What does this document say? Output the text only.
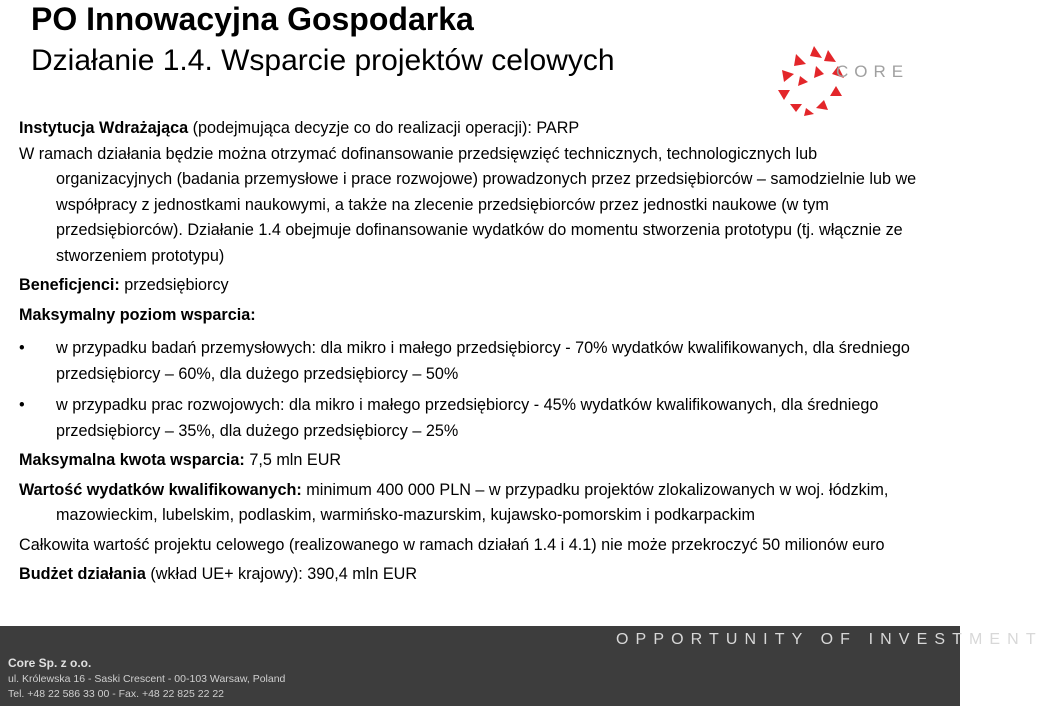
PO Innowacyjna Gospodarka
Działanie 1.4. Wsparcie projektów celowych	CORE

Instytucja Wdrażająca (podejmująca decyzje co do realizacji operacji): PARP

W ramach działania będzie można otrzymać dofinansowanie przedsięwzięć technicznych, technologicznych lub organizacyjnych (badania przemysłowe i prace rozwojowe) prowadzonych przez przedsiębiorców – samodzielnie lub we współpracy z jednostkami naukowymi, a także na zlecenie przedsiębiorców przez jednostki naukowe (w tym przedsiębiorców). Działanie 1.4 obejmuje dofinansowanie wydatków do momentu stworzenia prototypu (tj. włącznie ze stworzeniem prototypu)

Beneficjenci: przedsiębiorcy

Maksymalny poziom wsparcia:

• w przypadku badań przemysłowych: dla mikro i małego przedsiębiorcy - 70% wydatków kwalifikowanych, dla średniego przedsiębiorcy – 60%, dla dużego przedsiębiorcy – 50%
• w przypadku prac rozwojowych: dla mikro i małego przedsiębiorcy - 45% wydatków kwalifikowanych, dla średniego przedsiębiorcy – 35%, dla dużego przedsiębiorcy – 25%

Maksymalna kwota wsparcia: 7,5 mln EUR

Wartość wydatków kwalifikowanych: minimum 400 000 PLN – w przypadku projektów zlokalizowanych w woj. łódzkim, mazowieckim, lubelskim, podlaskim, warmińsko-mazurskim, kujawsko-pomorskim i podkarpackim

Całkowita wartość projektu celowego (realizowanego w ramach działań 1.4 i 4.1) nie może przekroczyć 50 milionów euro

Budżet działania (wkład UE+ krajowy): 390,4 mln EUR

OPPORTUNITY OF INVESTMENT
Core Sp. z o.o.
ul. Królewska 16 - Saski Crescent - 00-103 Warsaw, Poland
Tel. +48 22 586 33 00 - Fax. +48 22 825 22 22
